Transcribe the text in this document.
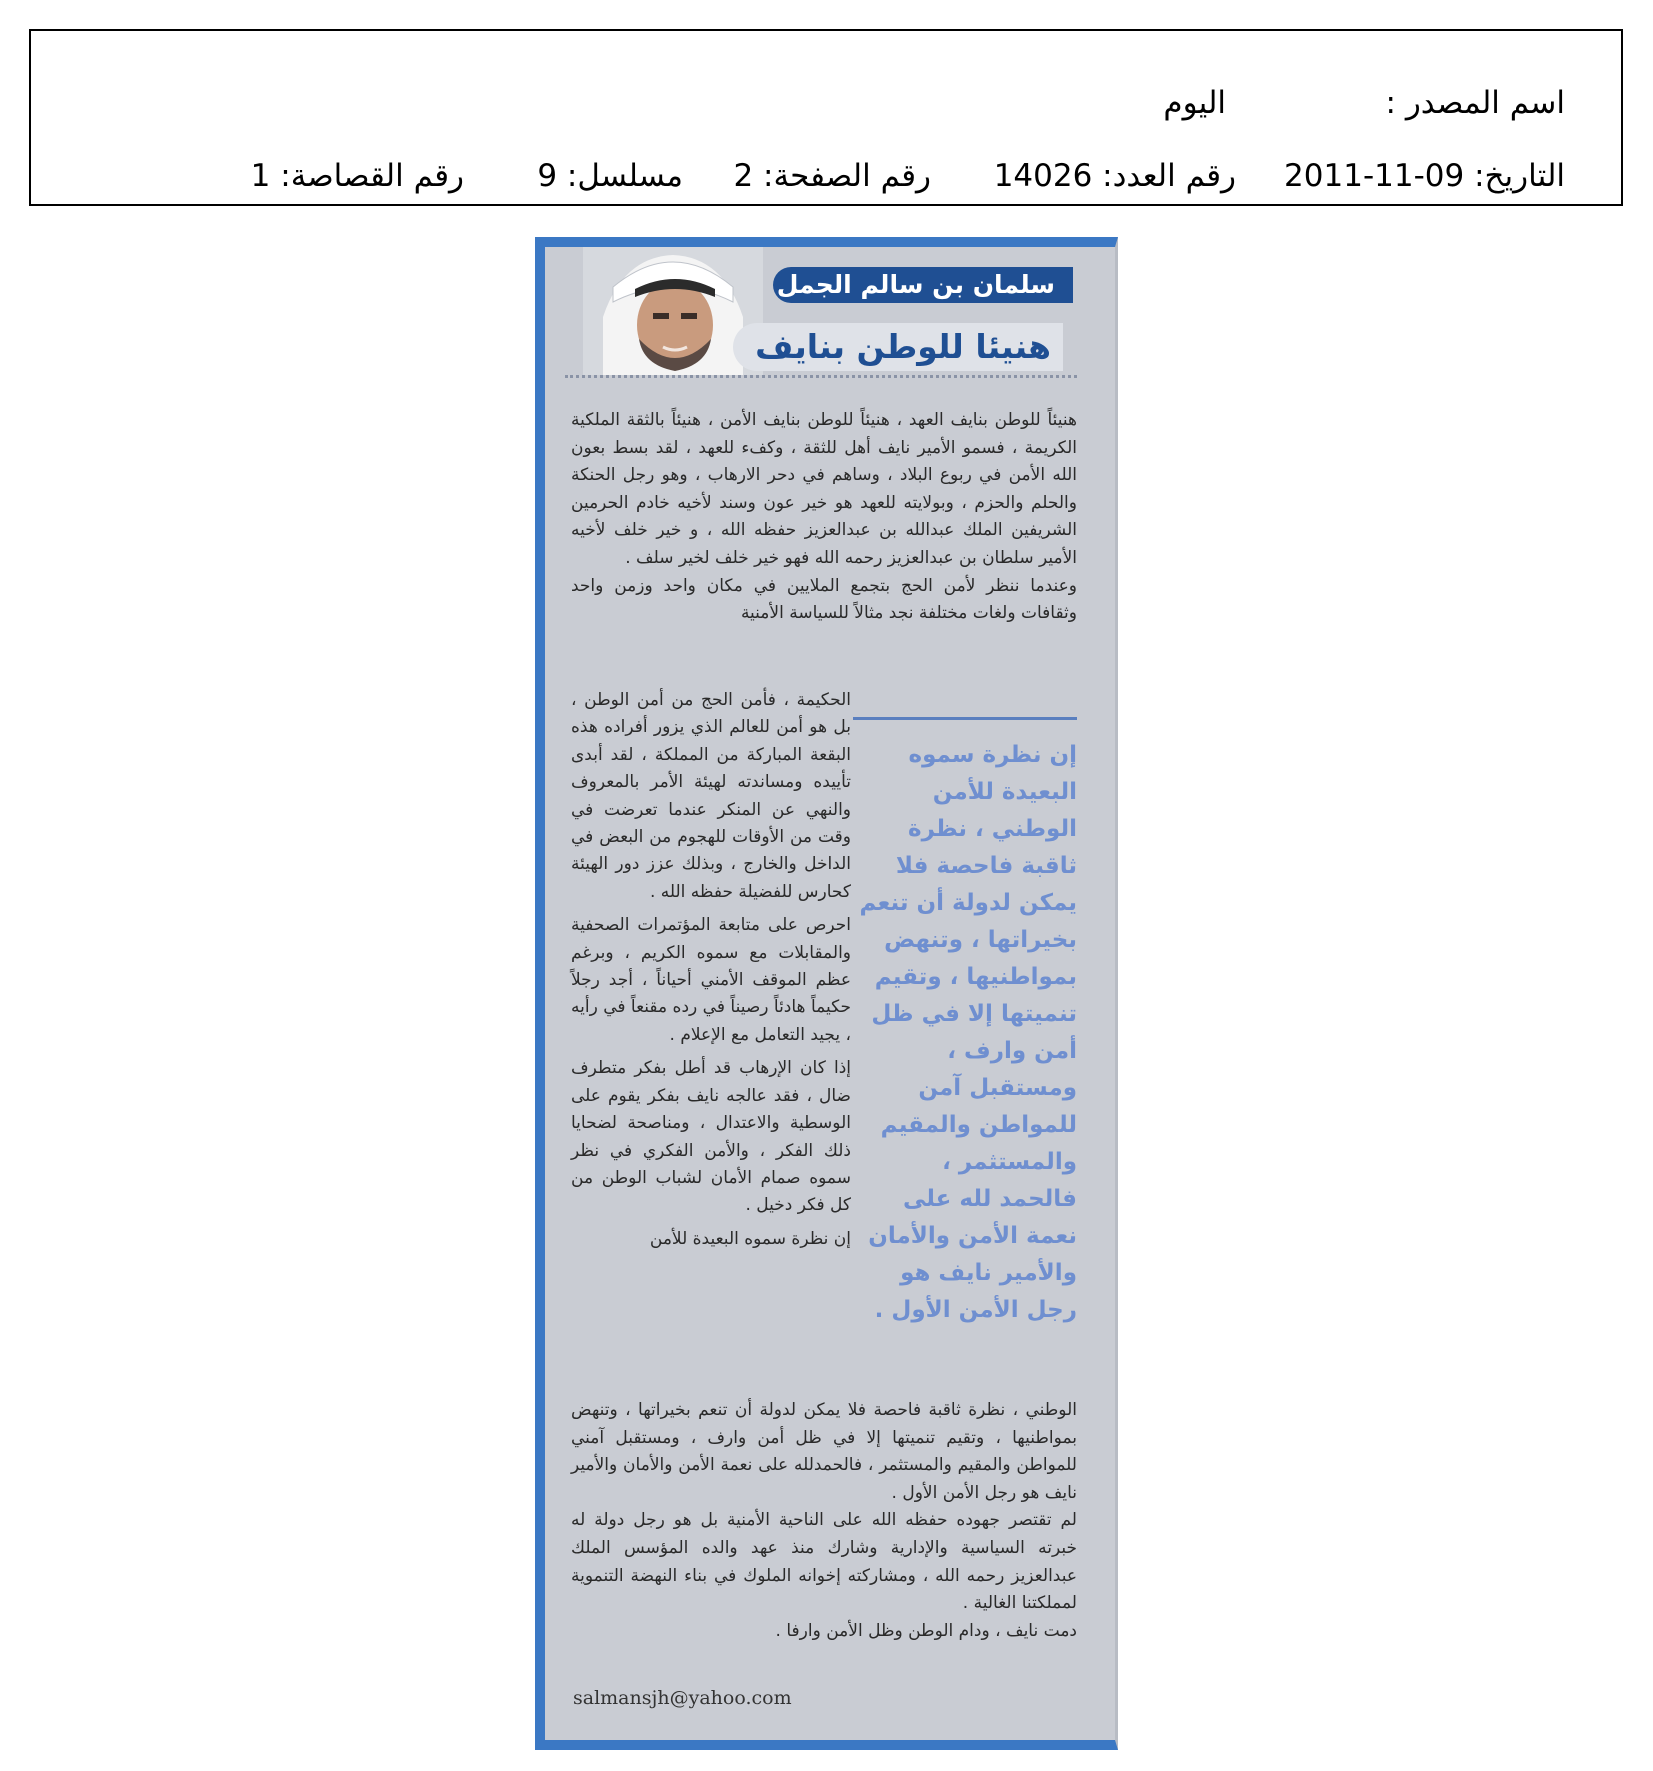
اسم المصدر :
اليوم
التاريخ: 09-11-2011
رقم العدد: 14026
رقم الصفحة: 2
مسلسل: 9
رقم القصاصة: 1
سلمان بن سالم الجمل
هنيئا للوطن بنايف

هنيئاً للوطن بنايف العهد ، هنيئاً للوطن بنايف الأمن ، هنيئاً بالثقة الملكية الكريمة ، فسمو الأمير نايف أهل للثقة ، وكفء للعهد ، لقد بسط بعون الله الأمن في ربوع البلاد ، وساهم في دحر الارهاب ، وهو رجل الحنكة والحلم والحزم ، وبولايته للعهد هو خير عون وسند لأخيه خادم الحرمين الشريفين الملك عبدالله بن عبدالعزيز حفظه الله ، و خير خلف لأخيه الأمير سلطان بن عبدالعزيز رحمه الله فهو خير خلف لخير سلف .

وعندما ننظر لأمن الحج بتجمع الملايين في مكان واحد وزمن واحد وثقافات ولغات مختلفة نجد مثالاً للسياسة الأمنية

إن نظرة سموه البعيدة للأمن الوطني ، نظرة ثاقبة فاحصة فلا يمكن لدولة أن تنعم بخيراتها ، وتنهض بمواطنيها ، وتقيم تنميتها إلا في ظل أمن وارف ، ومستقبل آمن للمواطن والمقيم والمستثمر ، فالحمد لله على نعمة الأمن والأمان والأمير نايف هو رجل الأمن الأول .

الحكيمة ، فأمن الحج من أمن الوطن ، بل هو أمن للعالم الذي يزور أفراده هذه البقعة المباركة من المملكة ، لقد أبدى تأييده ومساندته لهيئة الأمر بالمعروف والنهي عن المنكر عندما تعرضت في وقت من الأوقات للهجوم من البعض في الداخل والخارج ، وبذلك عزز دور الهيئة كحارس للفضيلة حفظه الله .

احرص على متابعة المؤتمرات الصحفية والمقابلات مع سموه الكريم ، وبرغم عظم الموقف الأمني أحياناً ، أجد رجلاً حكيماً هادئاً رصيناً في رده مقنعاً في رأيه ، يجيد التعامل مع الإعلام .

إذا كان الإرهاب قد أطل بفكر متطرف ضال ، فقد عالجه نايف بفكر يقوم على الوسطية والاعتدال ، ومناصحة لضحايا ذلك الفكر ، والأمن الفكري في نظر سموه صمام الأمان لشباب الوطن من كل فكر دخيل .

إن نظرة سموه البعيدة للأمن

الوطني ، نظرة ثاقبة فاحصة فلا يمكن لدولة أن تنعم بخيراتها ، وتنهض بمواطنيها ، وتقيم تنميتها إلا في ظل أمن وارف ، ومستقبل آمني للمواطن والمقيم والمستثمر ، فالحمدلله على نعمة الأمن والأمان والأمير نايف هو رجل الأمن الأول .

لم تقتصر جهوده حفظه الله على الناحية الأمنية بل هو رجل دولة له خبرته السياسية والإدارية وشارك منذ عهد والده المؤسس الملك عبدالعزيز رحمه الله ، ومشاركته إخوانه الملوك في بناء النهضة التنموية لمملكتنا الغالية .

دمت نايف ، ودام الوطن وظل الأمن وارفا .

salmansjh@yahoo.com
